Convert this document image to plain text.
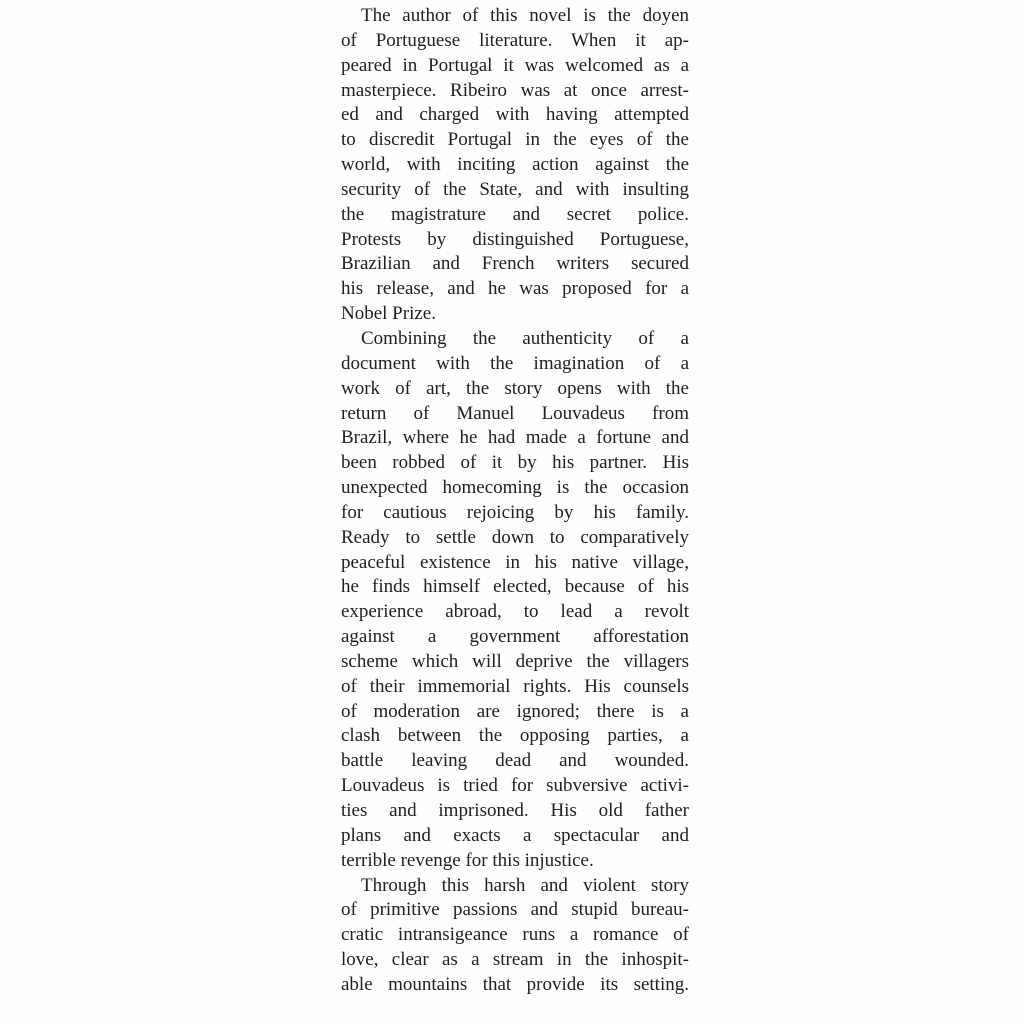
The author of this novel is the doyen
of Portuguese literature. When it ap-
peared in Portugal it was welcomed as a
masterpiece. Ribeiro was at once arrest-
ed and charged with having attempted
to discredit Portugal in the eyes of the
world, with inciting action against the
security of the State, and with insulting
the magistrature and secret police.
Protests by distinguished Portuguese,
Brazilian and French writers secured
his release, and he was proposed for a
Nobel Prize.
Combining the authenticity of a
document with the imagination of a
work of art, the story opens with the
return of Manuel Louvadeus from
Brazil, where he had made a fortune and
been robbed of it by his partner. His
unexpected homecoming is the occasion
for cautious rejoicing by his family.
Ready to settle down to comparatively
peaceful existence in his native village,
he finds himself elected, because of his
experience abroad, to lead a revolt
against a government afforestation
scheme which will deprive the villagers
of their immemorial rights. His counsels
of moderation are ignored; there is a
clash between the opposing parties, a
battle leaving dead and wounded.
Louvadeus is tried for subversive activi-
ties and imprisoned. His old father
plans and exacts a spectacular and
terrible revenge for this injustice.
Through this harsh and violent story
of primitive passions and stupid bureau-
cratic intransigeance runs a romance of
love, clear as a stream in the inhospit-
able mountains that provide its setting.
